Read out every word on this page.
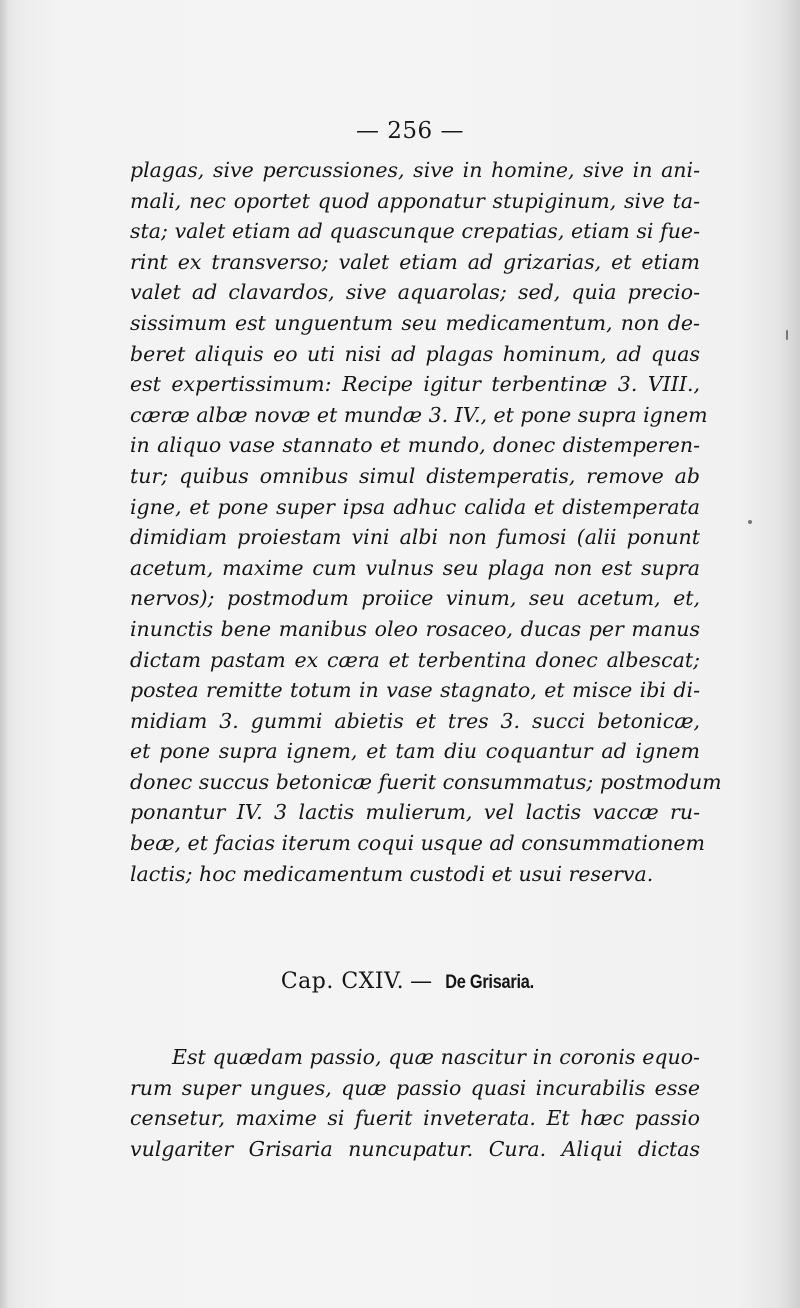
— 256 —
plagas, sive percussiones, sive in homine, sive in ani-
mali, nec oportet quod apponatur stupiginum, sive ta-
sta; valet etiam ad quascunque crepatias, etiam si fue-
rint ex transverso; valet etiam ad grizarias, et etiam
valet ad clavardos, sive aquarolas; sed, quia precio-
sissimum est unguentum seu medicamentum, non de-
beret aliquis eo uti nisi ad plagas hominum, ad quas
est expertissimum: Recipe igitur terbentinæ 3. VIII.,
cæræ albæ novæ et mundæ 3. IV., et pone supra ignem
in aliquo vase stannato et mundo, donec distemperen-
tur; quibus omnibus simul distemperatis, remove ab
igne, et pone super ipsa adhuc calida et distemperata
dimidiam proiestam vini albi non fumosi (alii ponunt
acetum, maxime cum vulnus seu plaga non est supra
nervos); postmodum proiice vinum, seu acetum, et,
inunctis bene manibus oleo rosaceo, ducas per manus
dictam pastam ex cæra et terbentina donec albescat;
postea remitte totum in vase stagnato, et misce ibi di-
midiam 3. gummi abietis et tres 3. succi betonicæ,
et pone supra ignem, et tam diu coquantur ad ignem
donec succus betonicæ fuerit consummatus; postmodum
ponantur IV. 3 lactis mulierum, vel lactis vaccæ ru-
beæ, et facias iterum coqui usque ad consummationem
lactis; hoc medicamentum custodi et usui reserva.
Cap. CXIV. — De Grisaria.
Est quædam passio, quæ nascitur in coronis equo-
rum super ungues, quæ passio quasi incurabilis esse
censetur, maxime si fuerit inveterata. Et hæc passio
vulgariter Grisaria nuncupatur. Cura. Aliqui dictas
